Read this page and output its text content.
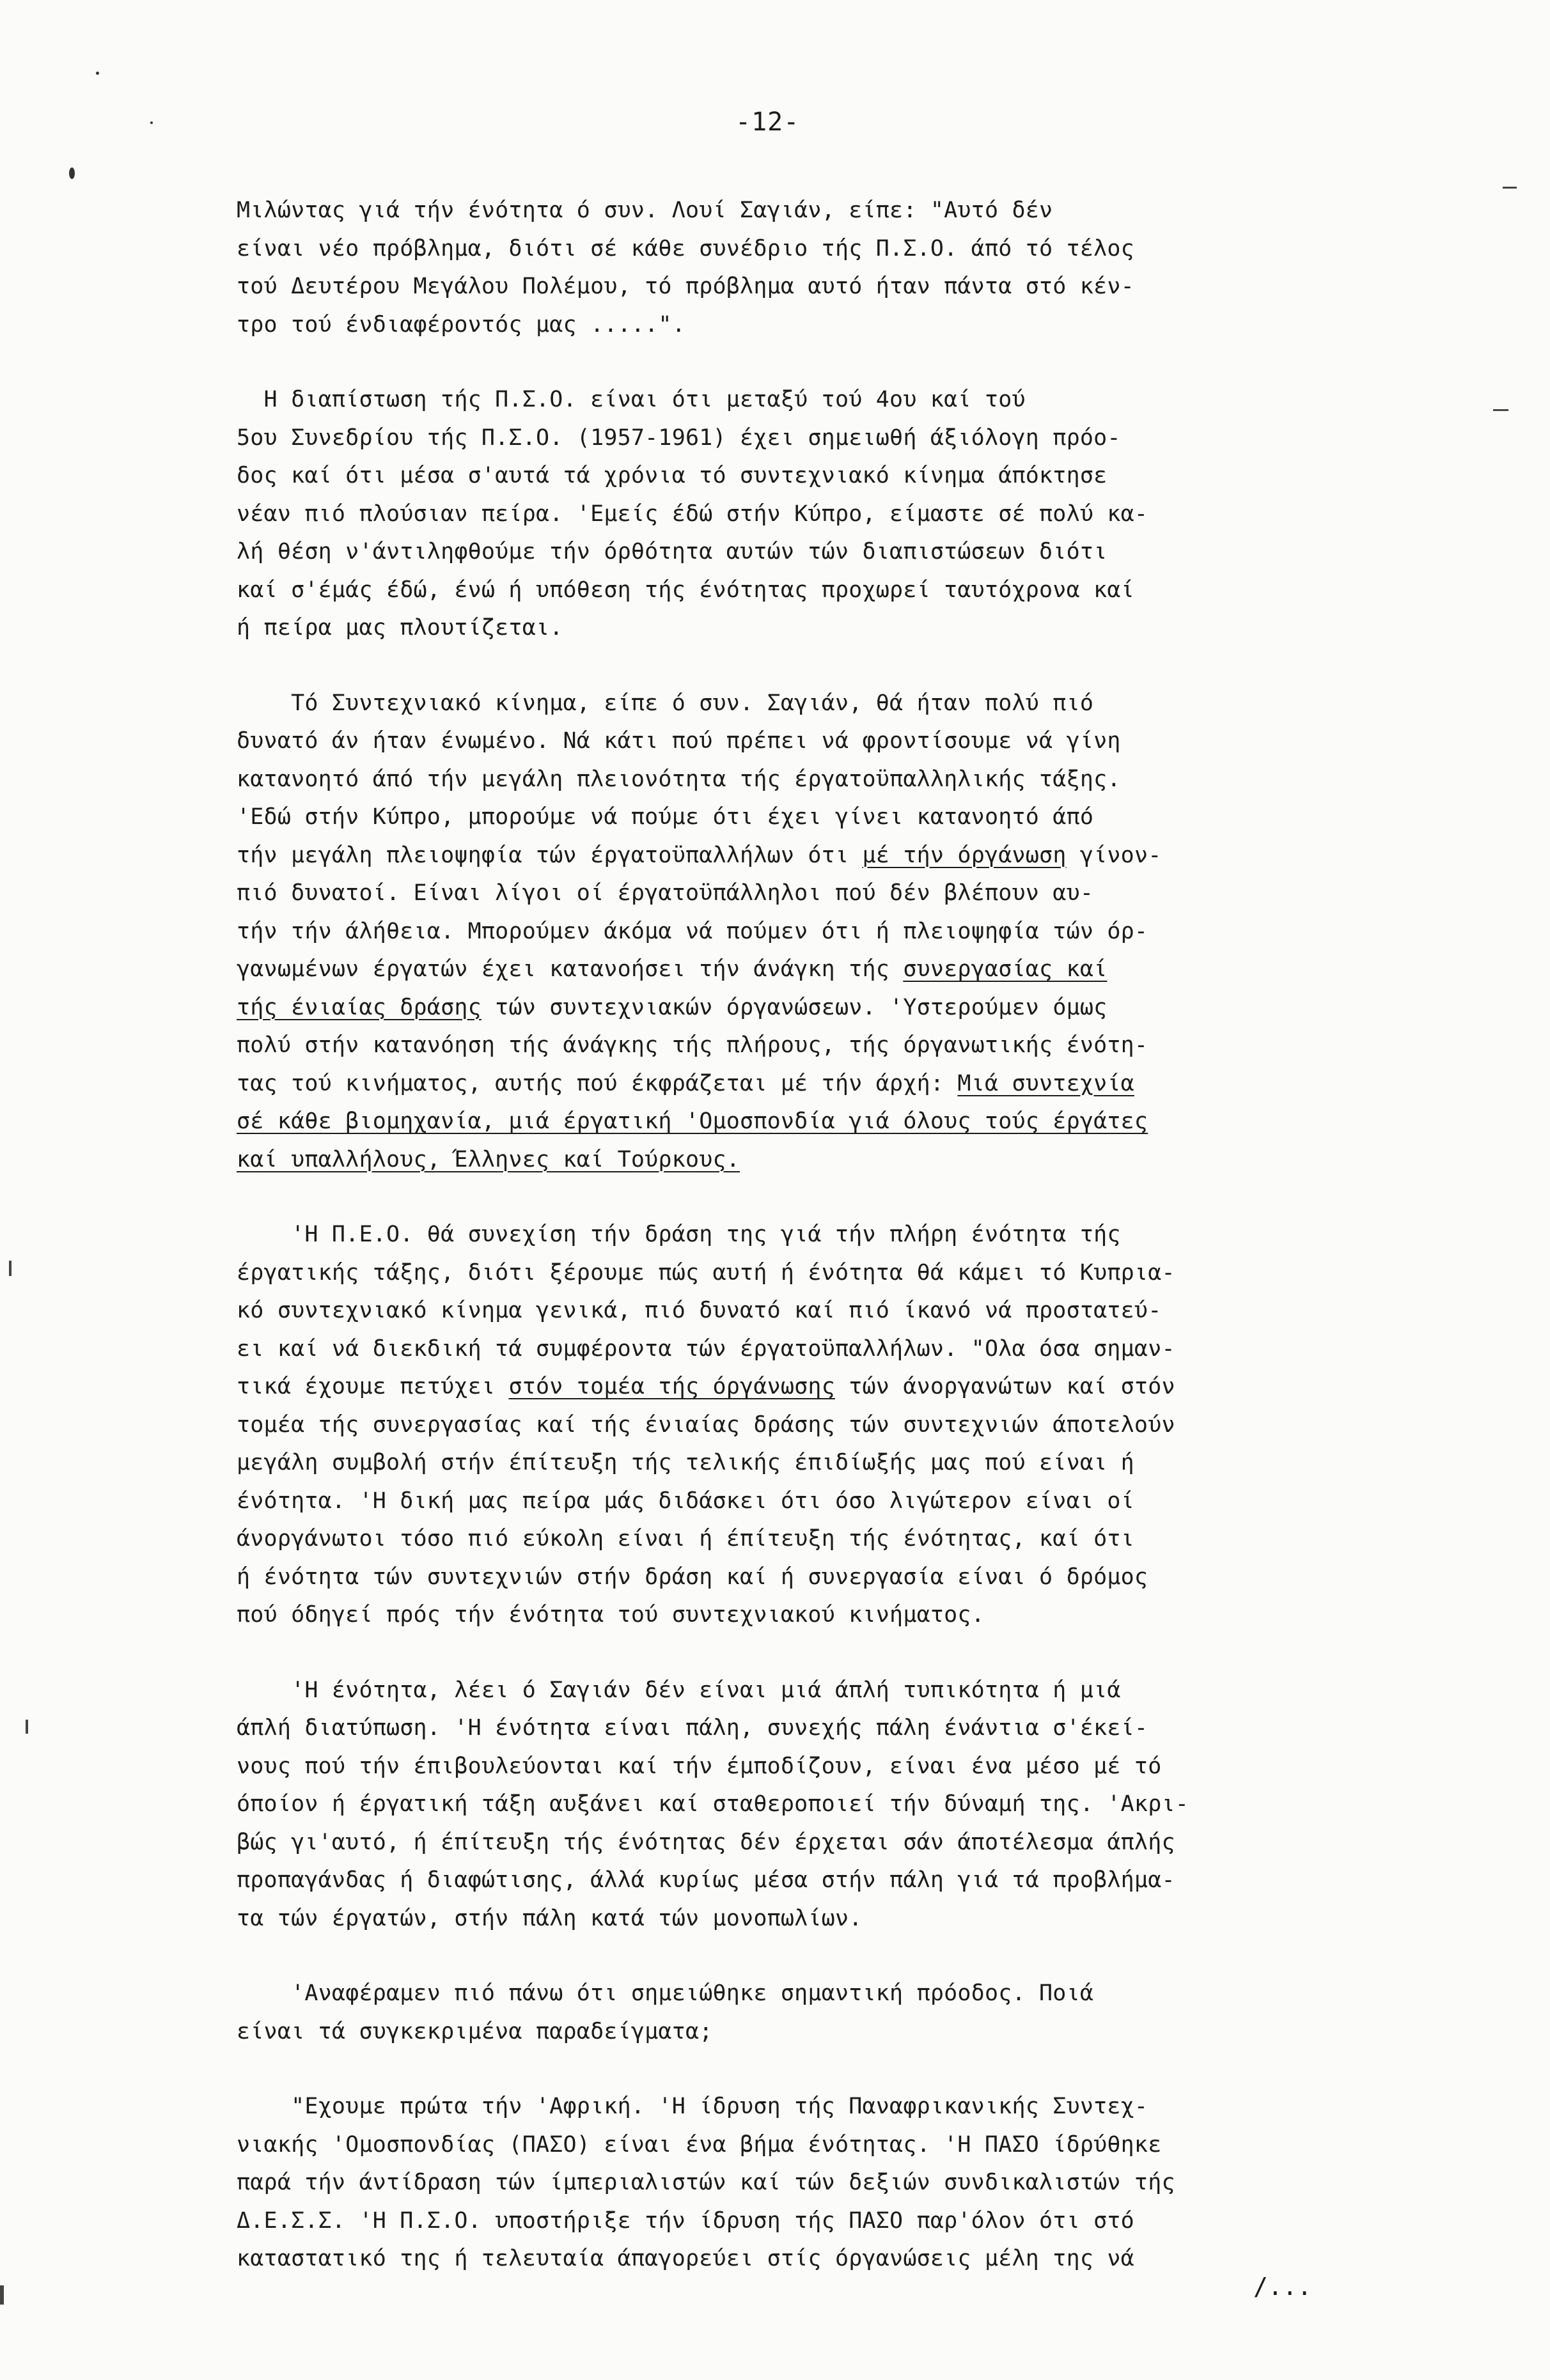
-12-
Μιλώντας γιά τήν ένότητα ό συν. Λουί Σαγιάν, είπε: "Αυτό δέν
είναι νέο πρόβλημα, διότι σέ κάθε συνέδριο τής Π.Σ.Ο. άπό τό τέλος
τού Δευτέρου Μεγάλου Πολέμου, τό πρόβλημα αυτό ήταν πάντα στό κέν-
τρο τού ένδιαφέροντός μας .....".
Η διαπίστωση τής Π.Σ.Ο. είναι ότι μεταξύ τού 4ου καί τού
5ου Συνεδρίου τής Π.Σ.Ο. (1957-1961) έχει σημειωθή άξιόλογη πρόο-
δος καί ότι μέσα σ'αυτά τά χρόνια τό συντεχνιακό κίνημα άπόκτησε
νέαν πιό πλούσιαν πείρα. 'Εμείς έδώ στήν Κύπρο, είμαστε σέ πολύ κα-
λή θέση ν'άντιληφθούμε τήν όρθότητα αυτών τών διαπιστώσεων διότι
καί σ'έμάς έδώ, ένώ ή υπόθεση τής ένότητας προχωρεί ταυτόχρονα καί
ή πείρα μας πλουτίζεται.
Τό Συντεχνιακό κίνημα, είπε ό συν. Σαγιάν, θά ήταν πολύ πιό
δυνατό άν ήταν ένωμένο. Νά κάτι πού πρέπει νά φροντίσουμε νά γίνη
κατανοητό άπό τήν μεγάλη πλειονότητα τής έργατοϋπαλληλικής τάξης.
'Εδώ στήν Κύπρο, μπορούμε νά πούμε ότι έχει γίνει κατανοητό άπό
τήν μεγάλη πλειοψηφία τών έργατοϋπαλλήλων ότι μέ τήν όργάνωση γίνον-
πιό δυνατοί. Είναι λίγοι οί έργατοϋπάλληλοι πού δέν βλέπουν αυ-
τήν τήν άλήθεια. Μπορούμεν άκόμα νά πούμεν ότι ή πλειοψηφία τών όρ-
γανωμένων έργατών έχει κατανοήσει τήν άνάγκη τής συνεργασίας καί
τής ένιαίας δράσης τών συντεχνιακών όργανώσεων. 'Υστερούμεν όμως
πολύ στήν κατανόηση τής άνάγκης τής πλήρους, τής όργανωτικής ένότη-
τας τού κινήματος, αυτής πού έκφράζεται μέ τήν άρχή: Μιά συντεχνία
σέ κάθε βιομηχανία, μιά έργατική 'Ομοσπονδία γιά όλους τούς έργάτες
καί υπαλλήλους, Έλληνες καί Τούρκους.
'Η Π.Ε.Ο. θά συνεχίση τήν δράση της γιά τήν πλήρη ένότητα τής
έργατικής τάξης, διότι ξέρουμε πώς αυτή ή ένότητα θά κάμει τό Κυπρια-
κό συντεχνιακό κίνημα γενικά, πιό δυνατό καί πιό ίκανό νά προστατεύ-
ει καί νά διεκδική τά συμφέροντα τών έργατοϋπαλλήλων. "Ολα όσα σημαν-
τικά έχουμε πετύχει στόν τομέα τής όργάνωσης τών άνοργανώτων καί στόν
τομέα τής συνεργασίας καί τής ένιαίας δράσης τών συντεχνιών άποτελούν
μεγάλη συμβολή στήν έπίτευξη τής τελικής έπιδίωξής μας πού είναι ή
ένότητα. 'Η δική μας πείρα μάς διδάσκει ότι όσο λιγώτερον είναι οί
άνοργάνωτοι τόσο πιό εύκολη είναι ή έπίτευξη τής ένότητας, καί ότι
ή ένότητα τών συντεχνιών στήν δράση καί ή συνεργασία είναι ό δρόμος
πού όδηγεί πρός τήν ένότητα τού συντεχνιακού κινήματος.
'Η ένότητα, λέει ό Σαγιάν δέν είναι μιά άπλή τυπικότητα ή μιά
άπλή διατύπωση. 'Η ένότητα είναι πάλη, συνεχής πάλη ένάντια σ'έκεί-
νους πού τήν έπιβουλεύονται καί τήν έμποδίζουν, είναι ένα μέσο μέ τό
όποίον ή έργατική τάξη αυξάνει καί σταθεροποιεί τήν δύναμή της. 'Ακρι-
βώς γι'αυτό, ή έπίτευξη τής ένότητας δέν έρχεται σάν άποτέλεσμα άπλής
προπαγάνδας ή διαφώτισης, άλλά κυρίως μέσα στήν πάλη γιά τά προβλήμα-
τα τών έργατών, στήν πάλη κατά τών μονοπωλίων.
'Αναφέραμεν πιό πάνω ότι σημειώθηκε σημαντική πρόοδος. Ποιά
είναι τά συγκεκριμένα παραδείγματα;
"Εχουμε πρώτα τήν 'Αφρική. 'Η ίδρυση τής Παναφρικανικής Συντεχ-
νιακής 'Ομοσπονδίας (ΠΑΣΟ) είναι ένα βήμα ένότητας. 'Η ΠΑΣΟ ίδρύθηκε
παρά τήν άντίδραση τών ίμπεριαλιστών καί τών δεξιών συνδικαλιστών τής
Δ.Ε.Σ.Σ. 'Η Π.Σ.Ο. υποστήριξε τήν ίδρυση τής ΠΑΣΟ παρ'όλον ότι στό
καταστατικό της ή τελευταία άπαγορεύει στίς όργανώσεις μέλη της νά
/...
